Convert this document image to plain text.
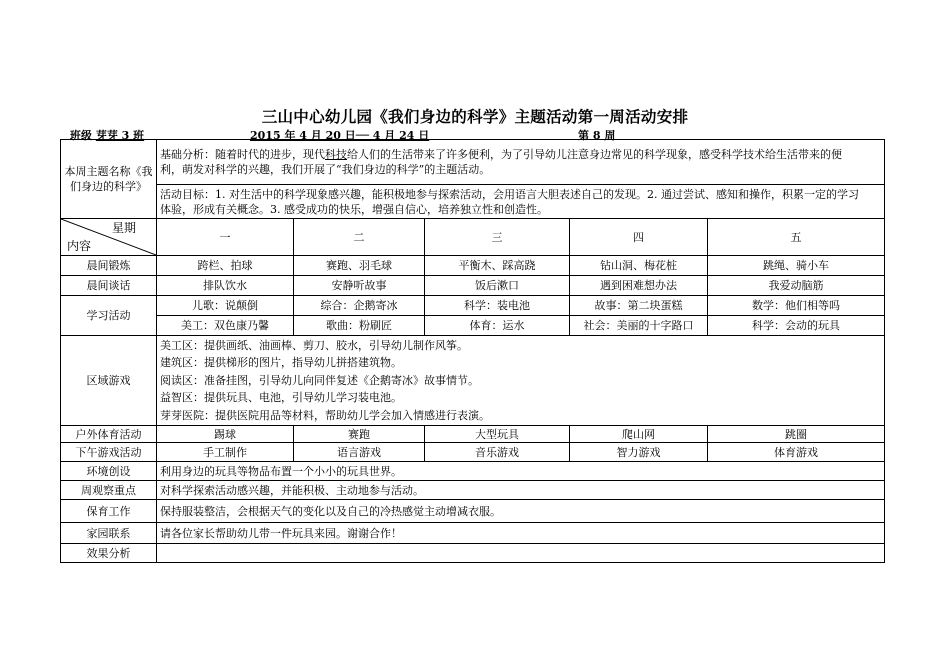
三山中心幼儿园《我们身边的科学》主题活动第一周活动安排
班级 芽芽 3 班	2015 年 4 月 20 日── 4 月 24 日	第 8 周
本周主题名称《我们身边的科学》	基础分析：随着时代的进步，现代科技给人们的生活带来了许多便利，为了引导幼儿注意身边常见的科学现象，感受科学技术给生活带来的便
利，萌发对科学的兴趣，我们开展了“我们身边的科学”的主题活动。				

	活动目标：1. 对生活中的科学现象感兴趣，能积极地参与探索活动，会用语言大胆表述自己的发现。2. 通过尝试、感知和操作，积累一定的学习
体验，形成有关概念。3. 感受成功的快乐，增强自信心，培养独立性和创造性。				

星期
内容	一	二	三	四	五
晨间锻炼	跨栏、拍球	赛跑、羽毛球	平衡木、踩高跷	钻山洞、梅花桩	跳绳、骑小车
晨间谈话	排队饮水	安静听故事	饭后漱口	遇到困难想办法	我爱动脑筋
学习活动	儿歌：说颠倒	综合：企鹅寄冰	科学：装电池	故事：第二块蛋糕	数学：他们相等吗
	美工：双色康乃馨	歌曲：粉刷匠	体育：运水	社会：美丽的十字路口	科学：会动的玩具
区域游戏	美工区：提供画纸、油画棒、剪刀、胶水，引导幼儿制作风筝。
建筑区：提供梯形的图片，指导幼儿拼搭建筑物。
阅读区：准备挂图，引导幼儿向同伴复述《企鹅寄冰》故事情节。
益智区：提供玩具、电池，引导幼儿学习装电池。
芽芽医院：提供医院用品等材料，帮助幼儿学会加入情感进行表演。				

户外体育活动	踢球	赛跑	大型玩具	爬山网	跳圈
下午游戏活动	手工制作	语言游戏	音乐游戏	智力游戏	体育游戏
环境创设	利用身边的玩具等物品布置一个小小的玩具世界。				
周观察重点	对科学探索活动感兴趣，并能积极、主动地参与活动。				
保育工作	保持服装整洁，会根据天气的变化以及自己的冷热感觉主动增减衣服。				
家园联系	请各位家长帮助幼儿带一件玩具来园。谢谢合作！				
效果分析					
